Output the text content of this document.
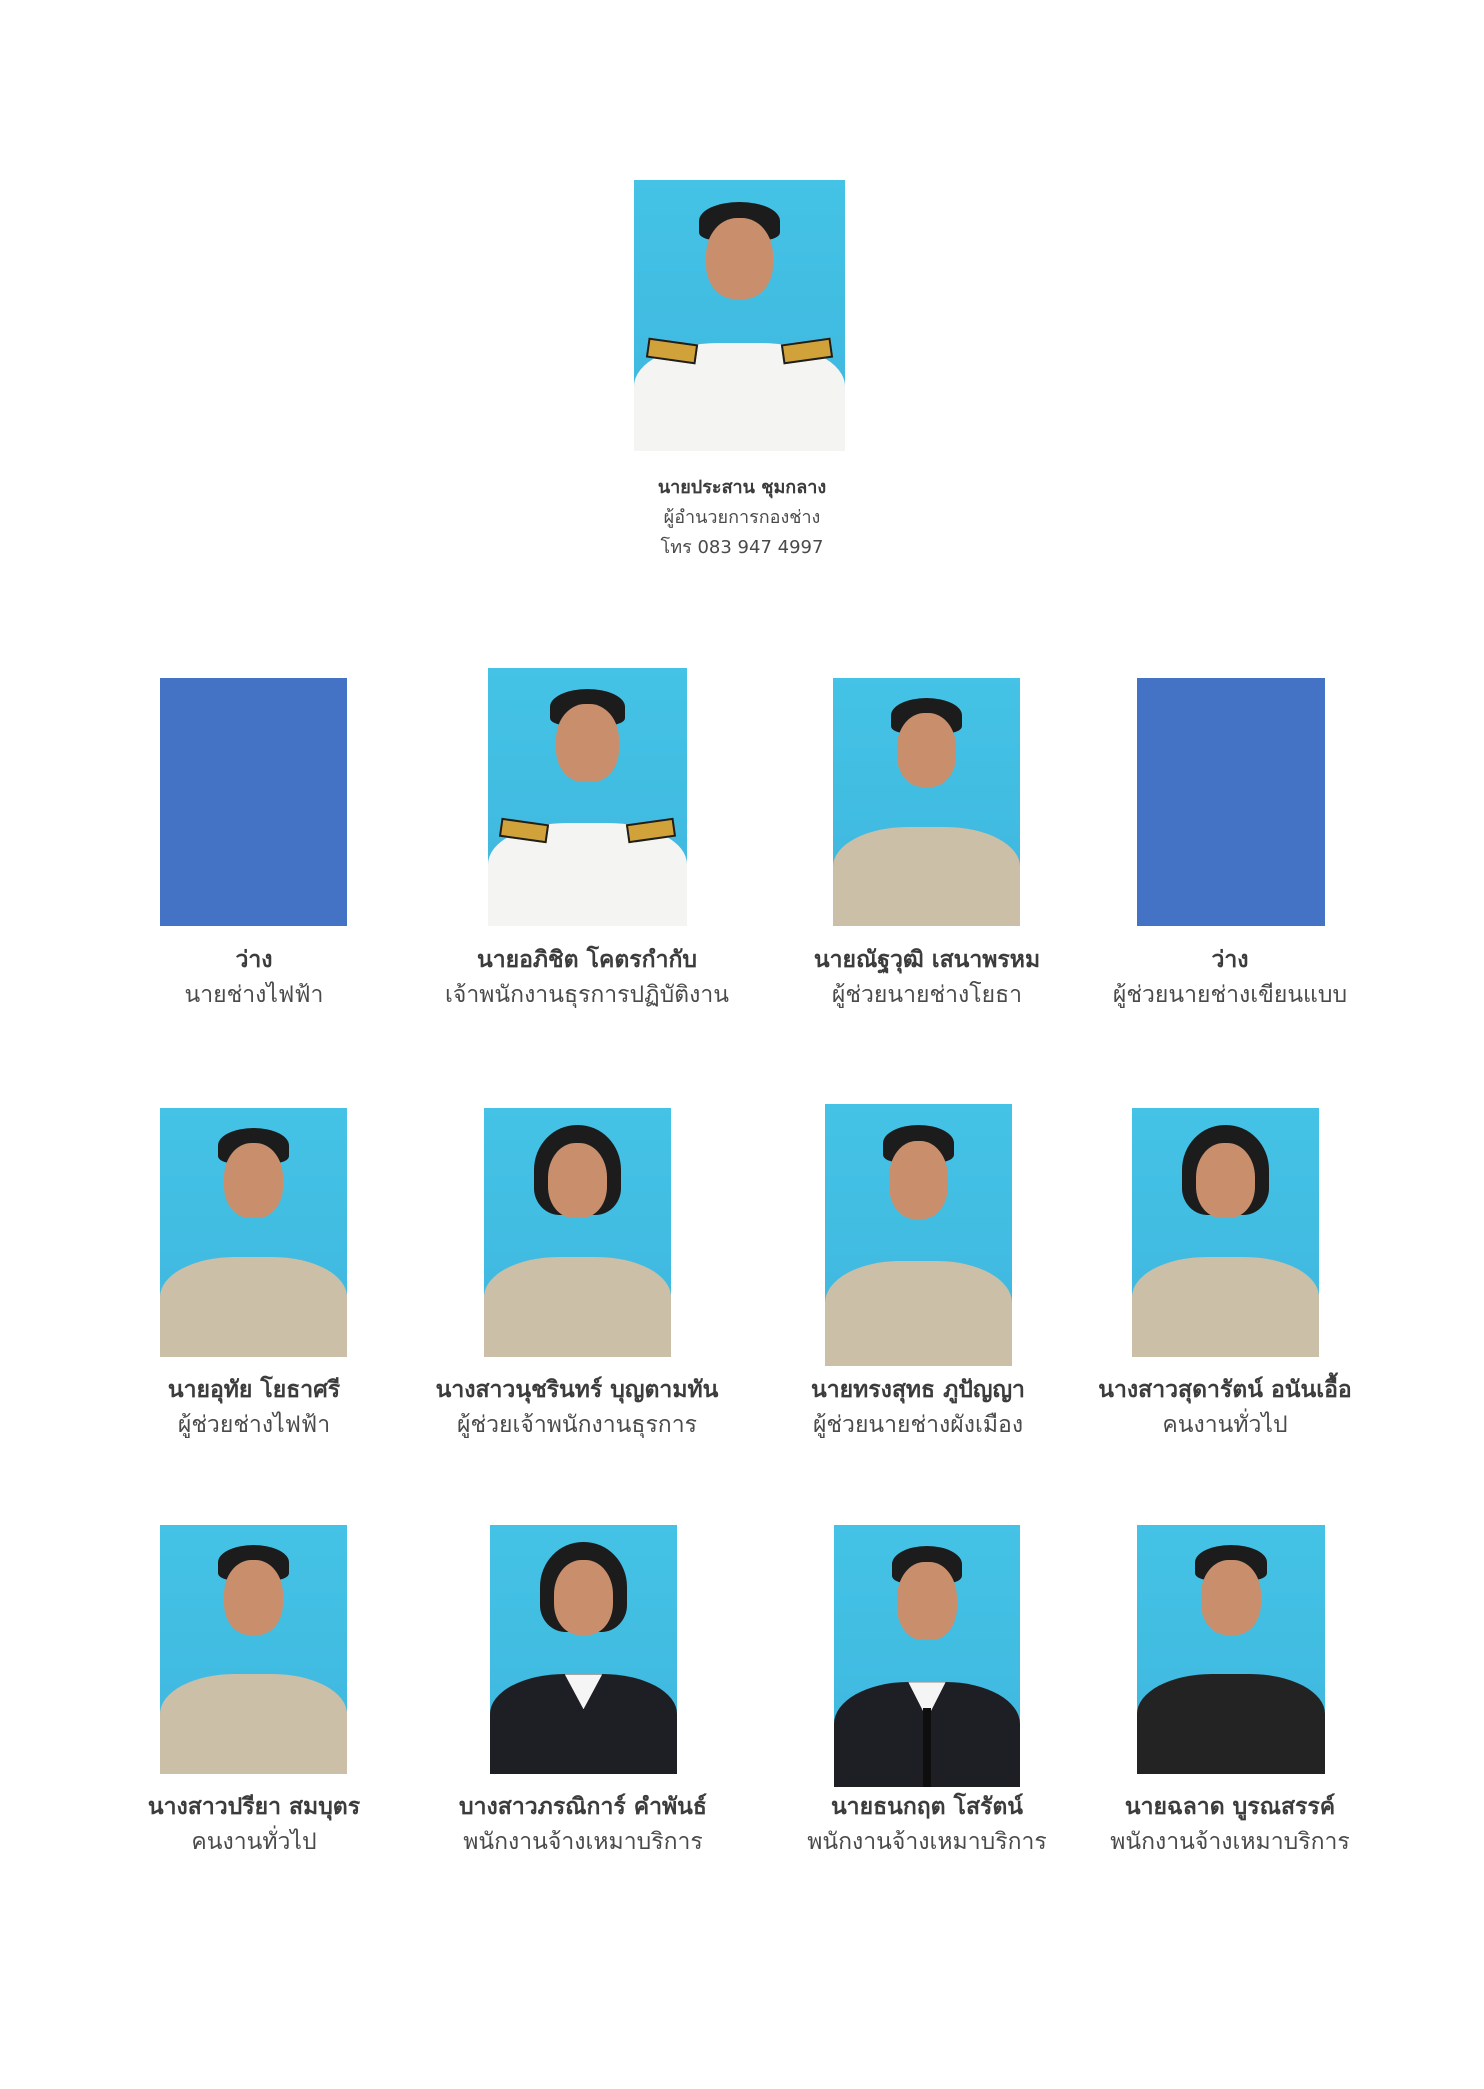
นายประสาน ชุมกลาง
ผู้อำนวยการกองช่าง
โทร 083 947 4997
ว่าง
นายช่างไฟฟ้า
นายอภิชิต โคตรกำกับ
เจ้าพนักงานธุรการปฏิบัติงาน
นายณัฐวุฒิ เสนาพรหม
ผู้ช่วยนายช่างโยธา
ว่าง
ผู้ช่วยนายช่างเขียนแบบ
นายอุทัย โยธาศรี
ผู้ช่วยช่างไฟฟ้า
นางสาวนุชรินทร์ บุญตามทัน
ผู้ช่วยเจ้าพนักงานธุรการ
นายทรงสุทธ ภูปัญญา
ผู้ช่วยนายช่างผังเมือง
นางสาวสุดารัตน์ อนันเอื้อ
คนงานทั่วไป
นางสาวปรียา สมบุตร
คนงานทั่วไป
บางสาวภรณิการ์ คำพันธ์
พนักงานจ้างเหมาบริการ
นายธนกฤต โสรัตน์
พนักงานจ้างเหมาบริการ
นายฉลาด บูรณสรรค์
พนักงานจ้างเหมาบริการ
